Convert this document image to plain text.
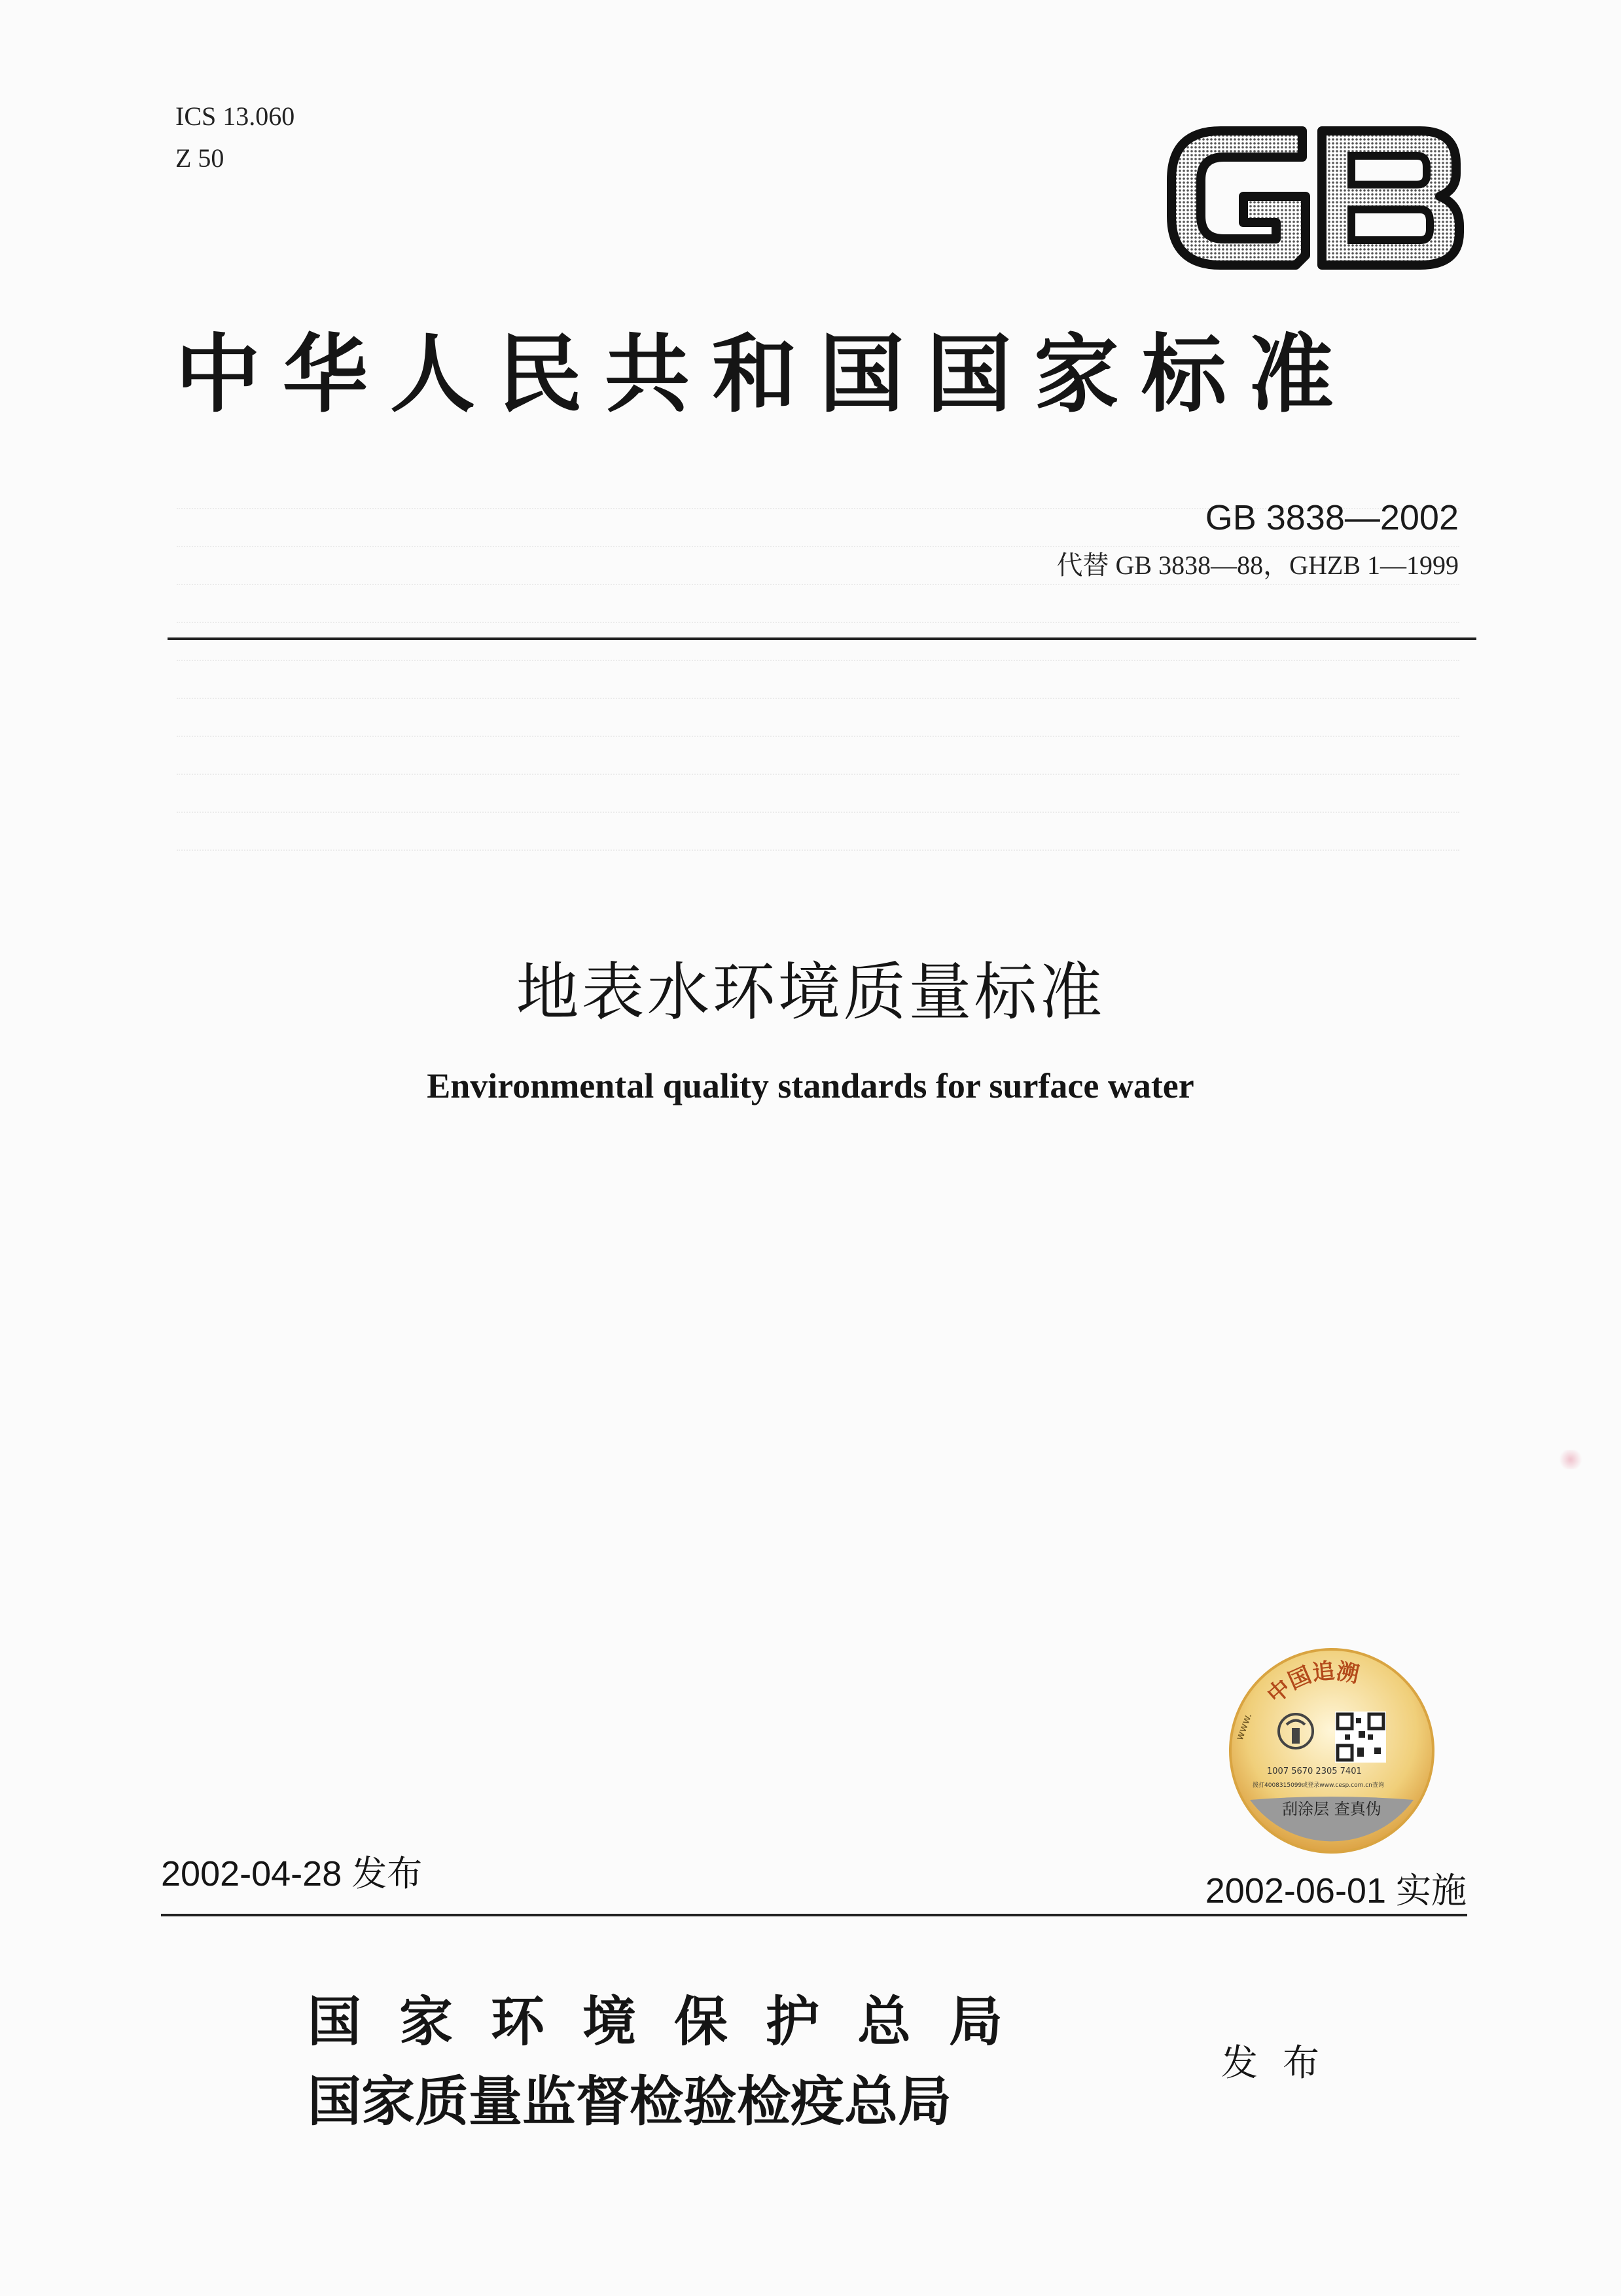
ICS 13.060
Z 50
中华人民共和国国家标准
GB 3838—2002
代替 GB 3838—88，GHZB 1—1999
地表水环境质量标准
Environmental quality standards for surface water
中国追溯
www.
1007 5670 2305 7401
拨打4008315099或登录www.cesp.com.cn查询
刮涂层 查真伪
2002-04-28 发布	2002-06-01 实施
国家环境保护总局
国家质量监督检验检疫总局
发布
